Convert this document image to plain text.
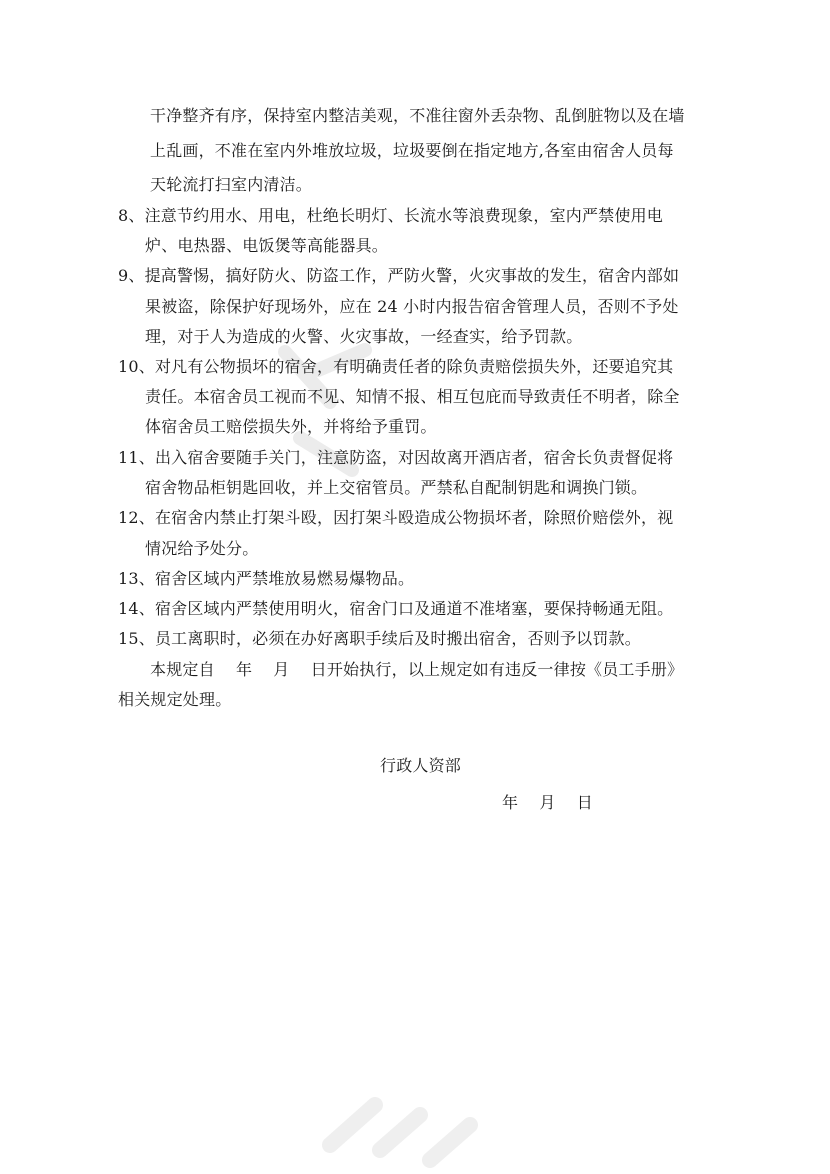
干净整齐有序，保持室内整洁美观，不准往窗外丢杂物、乱倒脏物以及在墙
上乱画，不准在室内外堆放垃圾，垃圾要倒在指定地方,各室由宿舍人员每
天轮流打扫室内清洁。
8、注意节约用水、用电，杜绝长明灯、长流水等浪费现象，室内严禁使用电
炉、电热器、电饭煲等高能器具。
9、提高警惕，搞好防火、防盗工作，严防火警，火灾事故的发生，宿舍内部如
果被盗，除保护好现场外，应在 24 小时内报告宿舍管理人员，否则不予处
理，对于人为造成的火警、火灾事故，一经查实，给予罚款。
10、对凡有公物损坏的宿舍，有明确责任者的除负责赔偿损失外，还要追究其
责任。本宿舍员工视而不见、知情不报、相互包庇而导致责任不明者，除全
体宿舍员工赔偿损失外，并将给予重罚。
11、出入宿舍要随手关门，注意防盗，对因故离开酒店者，宿舍长负责督促将
宿舍物品柜钥匙回收，并上交宿管员。严禁私自配制钥匙和调换门锁。
12、在宿舍内禁止打架斗殴，因打架斗殴造成公物损坏者，除照价赔偿外，视
情况给予处分。
13、宿舍区域内严禁堆放易燃易爆物品。
14、宿舍区域内严禁使用明火，宿舍门口及通道不准堵塞，要保持畅通无阻。
15、员工离职时，必须在办好离职手续后及时搬出宿舍，否则予以罚款。
本规定自    年    月    日开始执行，以上规定如有违反一律按《员工手册》
相关规定处理。
行政人资部
年    月    日
